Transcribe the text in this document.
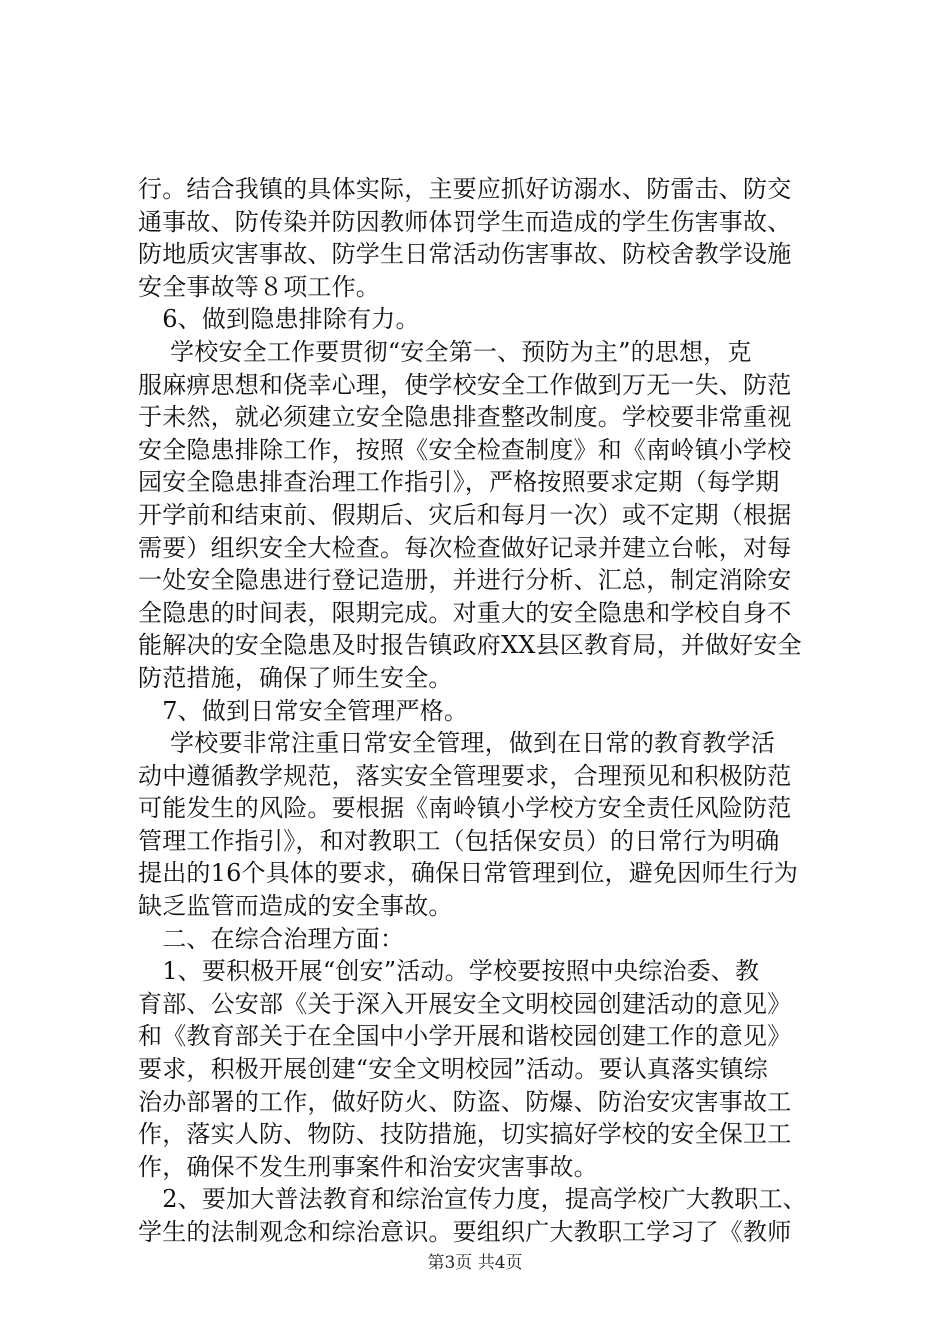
行。结合我镇的具体实际，主要应抓好访溺水、防雷击、防交
通事故、防传染并防因教师体罚学生而造成的学生伤害事故、
防地质灾害事故、防学生日常活动伤害事故、防校舍教学设施
安全事故等８项工作。
　6、做到隐患排除有力。
　 学校安全工作要贯彻“安全第一、预防为主”的思想，克
服麻痹思想和侥幸心理，使学校安全工作做到万无一失、防范
于未然，就必须建立安全隐患排查整改制度。学校要非常重视
安全隐患排除工作，按照《安全检查制度》和《南岭镇小学校
园安全隐患排查治理工作指引》，严格按照要求定期（每学期
开学前和结束前、假期后、灾后和每月一次）或不定期（根据
需要）组织安全大检查。每次检查做好记录并建立台帐，对每
一处安全隐患进行登记造册，并进行分析、汇总，制定消除安
全隐患的时间表，限期完成。对重大的安全隐患和学校自身不
能解决的安全隐患及时报告镇政府XX县区教育局，并做好安全
防范措施，确保了师生安全。
　7、做到日常安全管理严格。
　 学校要非常注重日常安全管理，做到在日常的教育教学活
动中遵循教学规范，落实安全管理要求，合理预见和积极防范
可能发生的风险。要根据《南岭镇小学校方安全责任风险防范
管理工作指引》，和对教职工（包括保安员）的日常行为明确
提出的16个具体的要求，确保日常管理到位，避免因师生行为
缺乏监管而造成的安全事故。
　二、在综合治理方面：
　1、要积极开展“创安”活动。学校要按照中央综治委、教
育部、公安部《关于深入开展安全文明校园创建活动的意见》
和《教育部关于在全国中小学开展和谐校园创建工作的意见》
要求，积极开展创建“安全文明校园”活动。要认真落实镇综
治办部署的工作，做好防火、防盗、防爆、防治安灾害事故工
作，落实人防、物防、技防措施，切实搞好学校的安全保卫工
作，确保不发生刑事案件和治安灾害事故。
　2、要加大普法教育和综治宣传力度，提高学校广大教职工、
学生的法制观念和综治意识。要组织广大教职工学习了《教师
第3页 共4页
